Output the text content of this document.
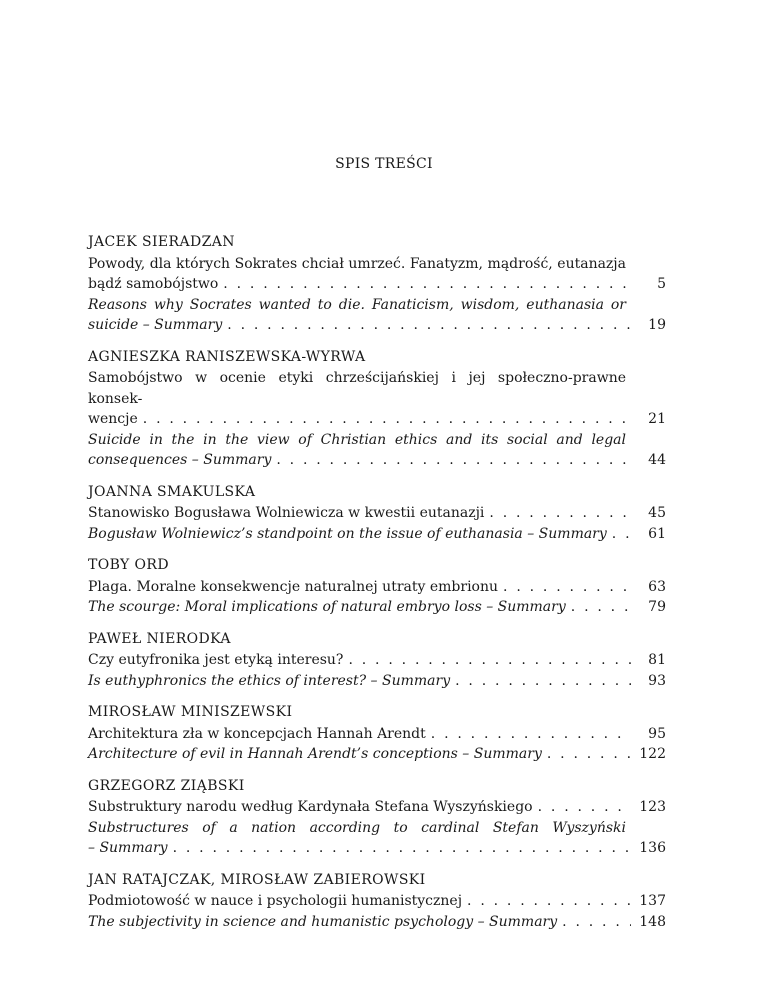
SPIS TREŚCI
JACEK SIERADZAN
Powody, dla których Sokrates chciał umrzeć. Fanatyzm, mądrość, eutanazja
bądź samobójstwo . . .	5
Reasons why Socrates wanted to die. Fanaticism, wisdom, euthanasia or
suicide – Summary . . .	19
AGNIESZKA RANISZEWSKA-WYRWA
Samobójstwo w ocenie etyki chrześcijańskiej i jej społeczno-prawne konsek-
wencje . . .	21
Suicide in the in the view of Christian ethics and its social and legal
consequences – Summary . . .	44
JOANNA SMAKULSKA
Stanowisko Bogusława Wolniewicza w kwestii eutanazji . . .	45
Bogusław Wolniewicz’s standpoint on the issue of euthanasia – Summary . . .	61
TOBY ORD
Plaga. Moralne konsekwencje naturalnej utraty embrionu . . .	63
The scourge: Moral implications of natural embryo loss – Summary . . .	79
PAWEŁ NIERODKA
Czy eutyfronika jest etyką interesu? . . .	81
Is euthyphronics the ethics of interest? – Summary . . .	93
MIROSŁAW MINISZEWSKI
Architektura zła w koncepcjach Hannah Arendt . . .	95
Architecture of evil in Hannah Arendt’s conceptions – Summary . . .	122
GRZEGORZ ZIĄBSKI
Substruktury narodu według Kardynała Stefana Wyszyńskiego . . .	123
Substructures of a nation according to cardinal Stefan Wyszyński
– Summary . . .	136
JAN RATAJCZAK, MIROSŁAW ZABIEROWSKI
Podmiotowość w nauce i psychologii humanistycznej . . .	137
The subjectivity in science and humanistic psychology – Summary . . .	148
